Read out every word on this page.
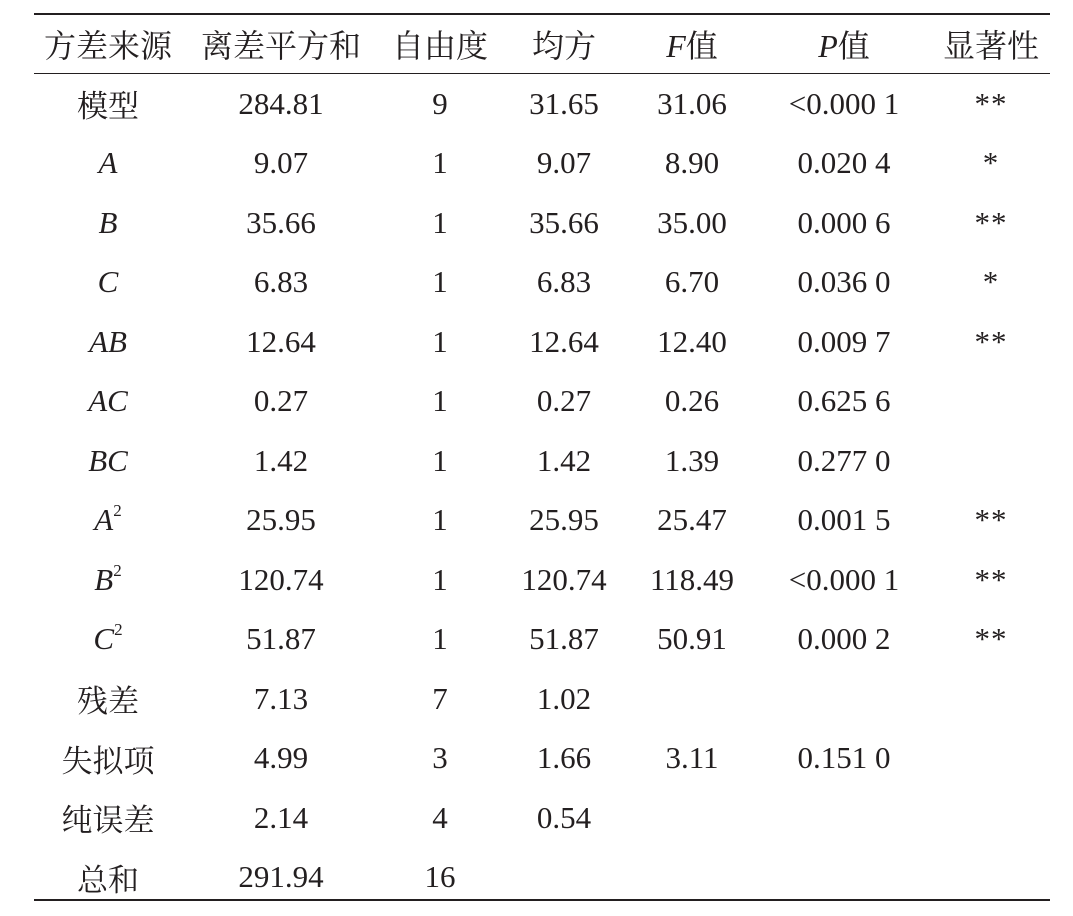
方差来源	离差平方和	自由度	均方	F值	P值	显著性
模型	284.81	9	31.65	31.06	<0.000 1	**
A	9.07	1	9.07	8.90	0.020 4	*
B	35.66	1	35.66	35.00	0.000 6	**
C	6.83	1	6.83	6.70	0.036 0	*
AB	12.64	1	12.64	12.40	0.009 7	**
AC	0.27	1	0.27	0.26	0.625 6	
BC	1.42	1	1.42	1.39	0.277 0	
$A^2$	25.95	1	25.95	25.47	0.001 5	**
$B^2$	120.74	1	120.74	118.49	<0.000 1	**
$C^2$	51.87	1	51.87	50.91	0.000 2	**
残差	7.13	7	1.02			
失拟项	4.99	3	1.66	3.11	0.151 0	
纯误差	2.14	4	0.54			
总和	291.94	16				
